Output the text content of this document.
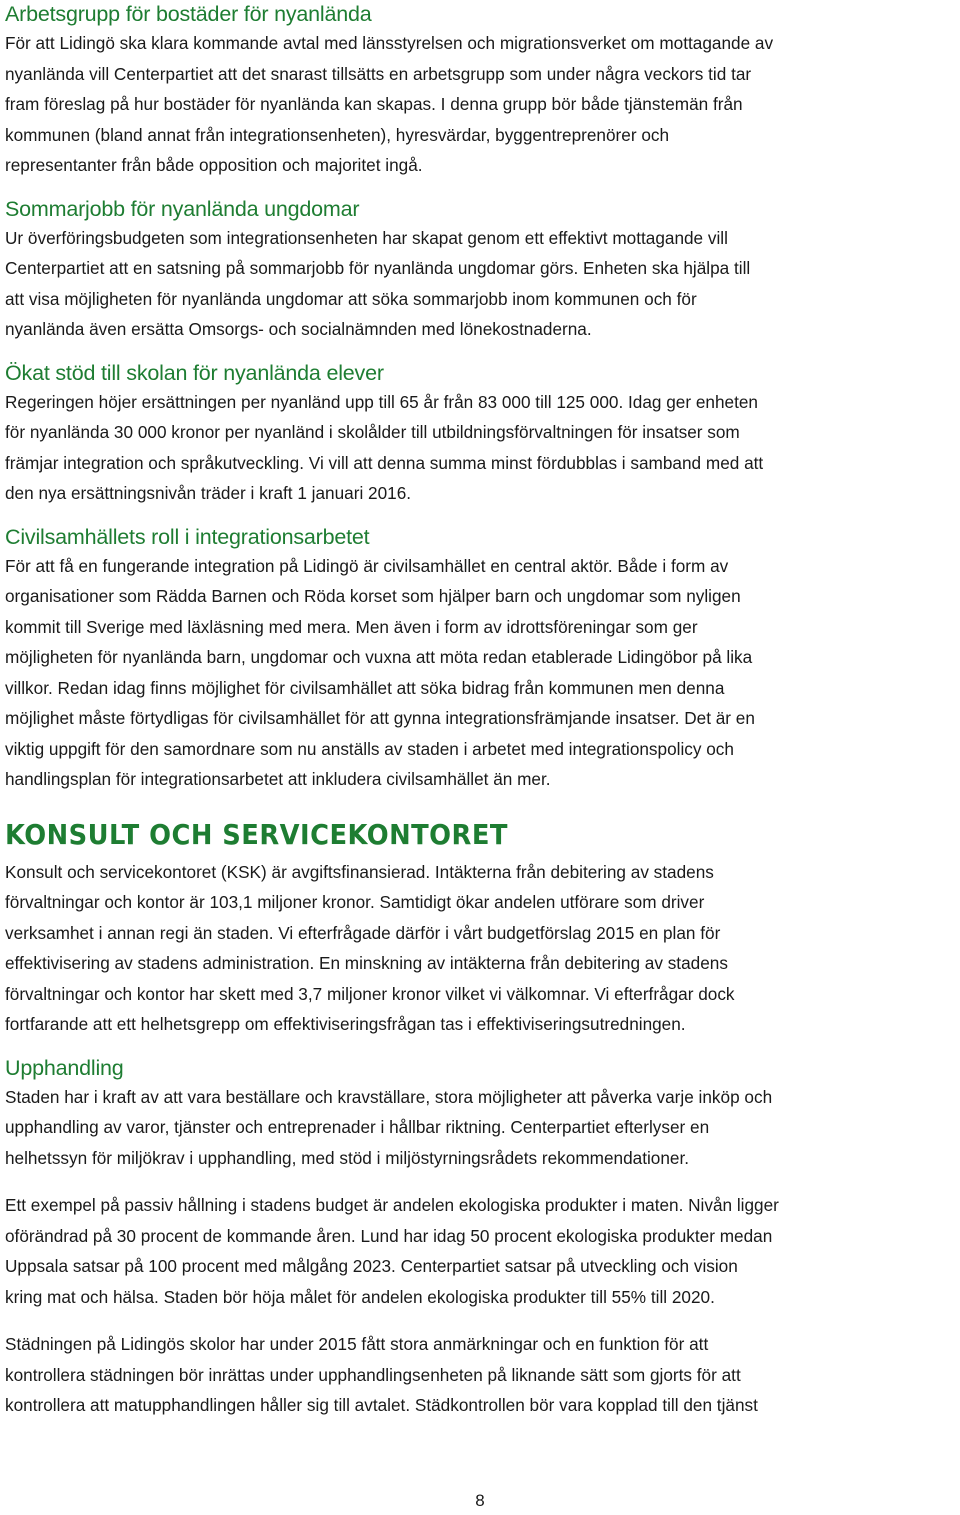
Arbetsgrupp för bostäder för nyanlända

För att Lidingö ska klara kommande avtal med länsstyrelsen och migrationsverket om mottagande av
nyanlända vill Centerpartiet att det snarast tillsätts en arbetsgrupp som under några veckors tid tar
fram föreslag på hur bostäder för nyanlända kan skapas. I denna grupp bör både tjänstemän från
kommunen (bland annat från integrationsenheten), hyresvärdar, byggentreprenörer och
representanter från både opposition och majoritet ingå.

Sommarjobb för nyanlända ungdomar

Ur överföringsbudgeten som integrationsenheten har skapat genom ett effektivt mottagande vill
Centerpartiet att en satsning på sommarjobb för nyanlända ungdomar görs. Enheten ska hjälpa till
att visa möjligheten för nyanlända ungdomar att söka sommarjobb inom kommunen och för
nyanlända även ersätta Omsorgs- och socialnämnden med lönekostnaderna.

Ökat stöd till skolan för nyanlända elever

Regeringen höjer ersättningen per nyanländ upp till 65 år från 83 000 till 125 000. Idag ger enheten
för nyanlända 30 000 kronor per nyanländ i skolålder till utbildningsförvaltningen för insatser som
främjar integration och språkutveckling. Vi vill att denna summa minst fördubblas i samband med att
den nya ersättningsnivån träder i kraft 1 januari 2016.

Civilsamhällets roll i integrationsarbetet

För att få en fungerande integration på Lidingö är civilsamhället en central aktör. Både i form av
organisationer som Rädda Barnen och Röda korset som hjälper barn och ungdomar som nyligen
kommit till Sverige med läxläsning med mera. Men även i form av idrottsföreningar som ger
möjligheten för nyanlända barn, ungdomar och vuxna att möta redan etablerade Lidingöbor på lika
villkor. Redan idag finns möjlighet för civilsamhället att söka bidrag från kommunen men denna
möjlighet måste förtydligas för civilsamhället för att gynna integrationsfrämjande insatser. Det är en
viktig uppgift för den samordnare som nu anställs av staden i arbetet med integrationspolicy och
handlingsplan för integrationsarbetet att inkludera civilsamhället än mer.

KONSULT OCH SERVICEKONTORET

Konsult och servicekontoret (KSK) är avgiftsfinansierad. Intäkterna från debitering av stadens
förvaltningar och kontor är 103,1 miljoner kronor. Samtidigt ökar andelen utförare som driver
verksamhet i annan regi än staden. Vi efterfrågade därför i vårt budgetförslag 2015 en plan för
effektivisering av stadens administration. En minskning av intäkterna från debitering av stadens
förvaltningar och kontor har skett med 3,7 miljoner kronor vilket vi välkomnar. Vi efterfrågar dock
fortfarande att ett helhetsgrepp om effektiviseringsfrågan tas i effektiviseringsutredningen.

Upphandling

Staden har i kraft av att vara beställare och kravställare, stora möjligheter att påverka varje inköp och
upphandling av varor, tjänster och entreprenader i hållbar riktning. Centerpartiet efterlyser en
helhetssyn för miljökrav i upphandling, med stöd i miljöstyrningsrådets rekommendationer.

Ett exempel på passiv hållning i stadens budget är andelen ekologiska produkter i maten. Nivån ligger
oförändrad på 30 procent de kommande åren. Lund har idag 50 procent ekologiska produkter medan
Uppsala satsar på 100 procent med målgång 2023. Centerpartiet satsar på utveckling och vision
kring mat och hälsa. Staden bör höja målet för andelen ekologiska produkter till 55% till 2020.

Städningen på Lidingös skolor har under 2015 fått stora anmärkningar och en funktion för att
kontrollera städningen bör inrättas under upphandlingsenheten på liknande sätt som gjorts för att
kontrollera att matupphandlingen håller sig till avtalet. Städkontrollen bör vara kopplad till den tjänst

8
